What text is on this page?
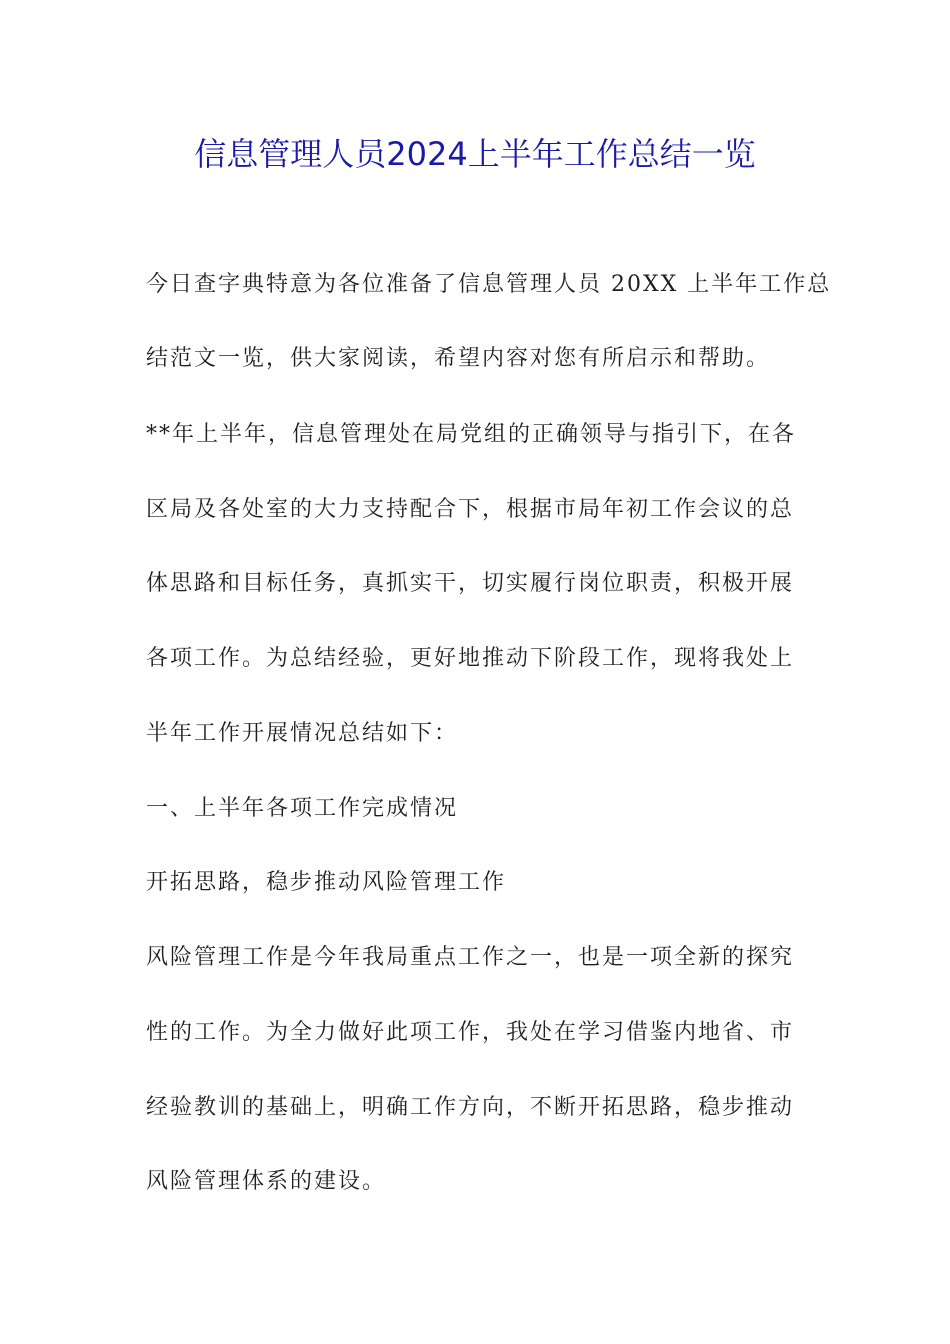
信息管理人员2024上半年工作总结一览

今日查字典特意为各位准备了信息管理人员 20XX 上半年工作总

结范文一览，供大家阅读，希望内容对您有所启示和帮助。

**年上半年，信息管理处在局党组的正确领导与指引下，在各

区局及各处室的大力支持配合下，根据市局年初工作会议的总

体思路和目标任务，真抓实干，切实履行岗位职责，积极开展

各项工作。为总结经验，更好地推动下阶段工作，现将我处上

半年工作开展情况总结如下：

一、上半年各项工作完成情况

开拓思路，稳步推动风险管理工作

风险管理工作是今年我局重点工作之一，也是一项全新的探究

性的工作。为全力做好此项工作，我处在学习借鉴内地省、市

经验教训的基础上，明确工作方向，不断开拓思路，稳步推动

风险管理体系的建设。
